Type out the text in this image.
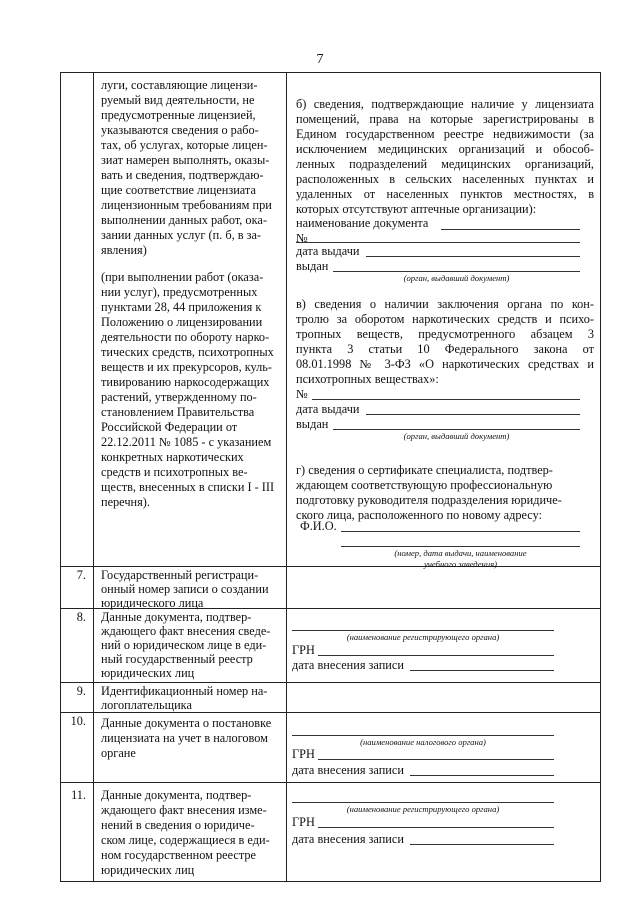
7
луги, составляющие лицензи-
руемый вид деятельности, не
предусмотренные лицензией,
указываются сведения о рабо-
тах, об услугах, которые лицен-
зиат намерен выполнять, оказы-
вать и сведения, подтверждаю-
щие соответствие лицензиата
лицензионным требованиям при
выполнении данных работ, ока-
зании данных услуг (п. б, в за-
явления)
(при выполнении работ (оказа-
нии услуг), предусмотренных
пунктами 28, 44 приложения к
Положению о лицензировании
деятельности по обороту нарко-
тических средств, психотропных
веществ и их прекурсоров, куль-
тивированию наркосодержащих
растений, утвержденному по-
становлением Правительства
Российской Федерации от
22.12.2011 № 1085 - с указанием
конкретных наркотических
средств и психотропных ве-
ществ, внесенных в списки I - III
перечня).
б) сведения, подтверждающие наличие у лицензиата
помещений, права на которые зарегистрированы в
Едином государственном реестре недвижимости (за
исключением медицинских организаций и обособ-
ленных подразделений медицинских организаций,
расположенных в сельских населенных пунктах и
удаленных от населенных пунктов местностях, в
которых отсутствуют аптечные организации):
наименование документа
№
дата выдачи
выдан
(орган, выдавший документ)
в) сведения о наличии заключения органа по кон-
тролю за оборотом наркотических средств и психо-
тропных веществ, предусмотренного абзацем 3
пункта 3 статьи 10 Федерального закона от
08.01.1998 № 3-ФЗ «О наркотических средствах и
психотропных веществах»:
№
дата выдачи
выдан
(орган, выдавший документ)
г) сведения о сертификате специалиста, подтвер-
ждающем соответствующую профессиональную
подготовку руководителя подразделения юридиче-
ского лица, расположенного по новому адресу:
Ф.И.О.
(номер, дата выдачи, наименование
учебного заведения)
7. Государственный регистраци-
онный номер записи о создании
юридического лица
8. Данные документа, подтвер-
ждающего факт внесения сведе-
ний о юридическом лице в еди-
ный государственный реестр
юридических лиц
(наименование регистрирующего органа)
ГРН
дата внесения записи
9. Идентификационный номер на-
логоплательщика
10. Данные документа о постановке
лицензиата на учет в налоговом
органе
(наименование налогового органа)
ГРН
дата внесения записи
11. Данные документа, подтвер-
ждающего факт внесения изме-
нений в сведения о юридиче-
ском лице, содержащиеся в еди-
ном государственном реестре
юридических лиц
(наименование регистрирующего органа)
ГРН
дата внесения записи
